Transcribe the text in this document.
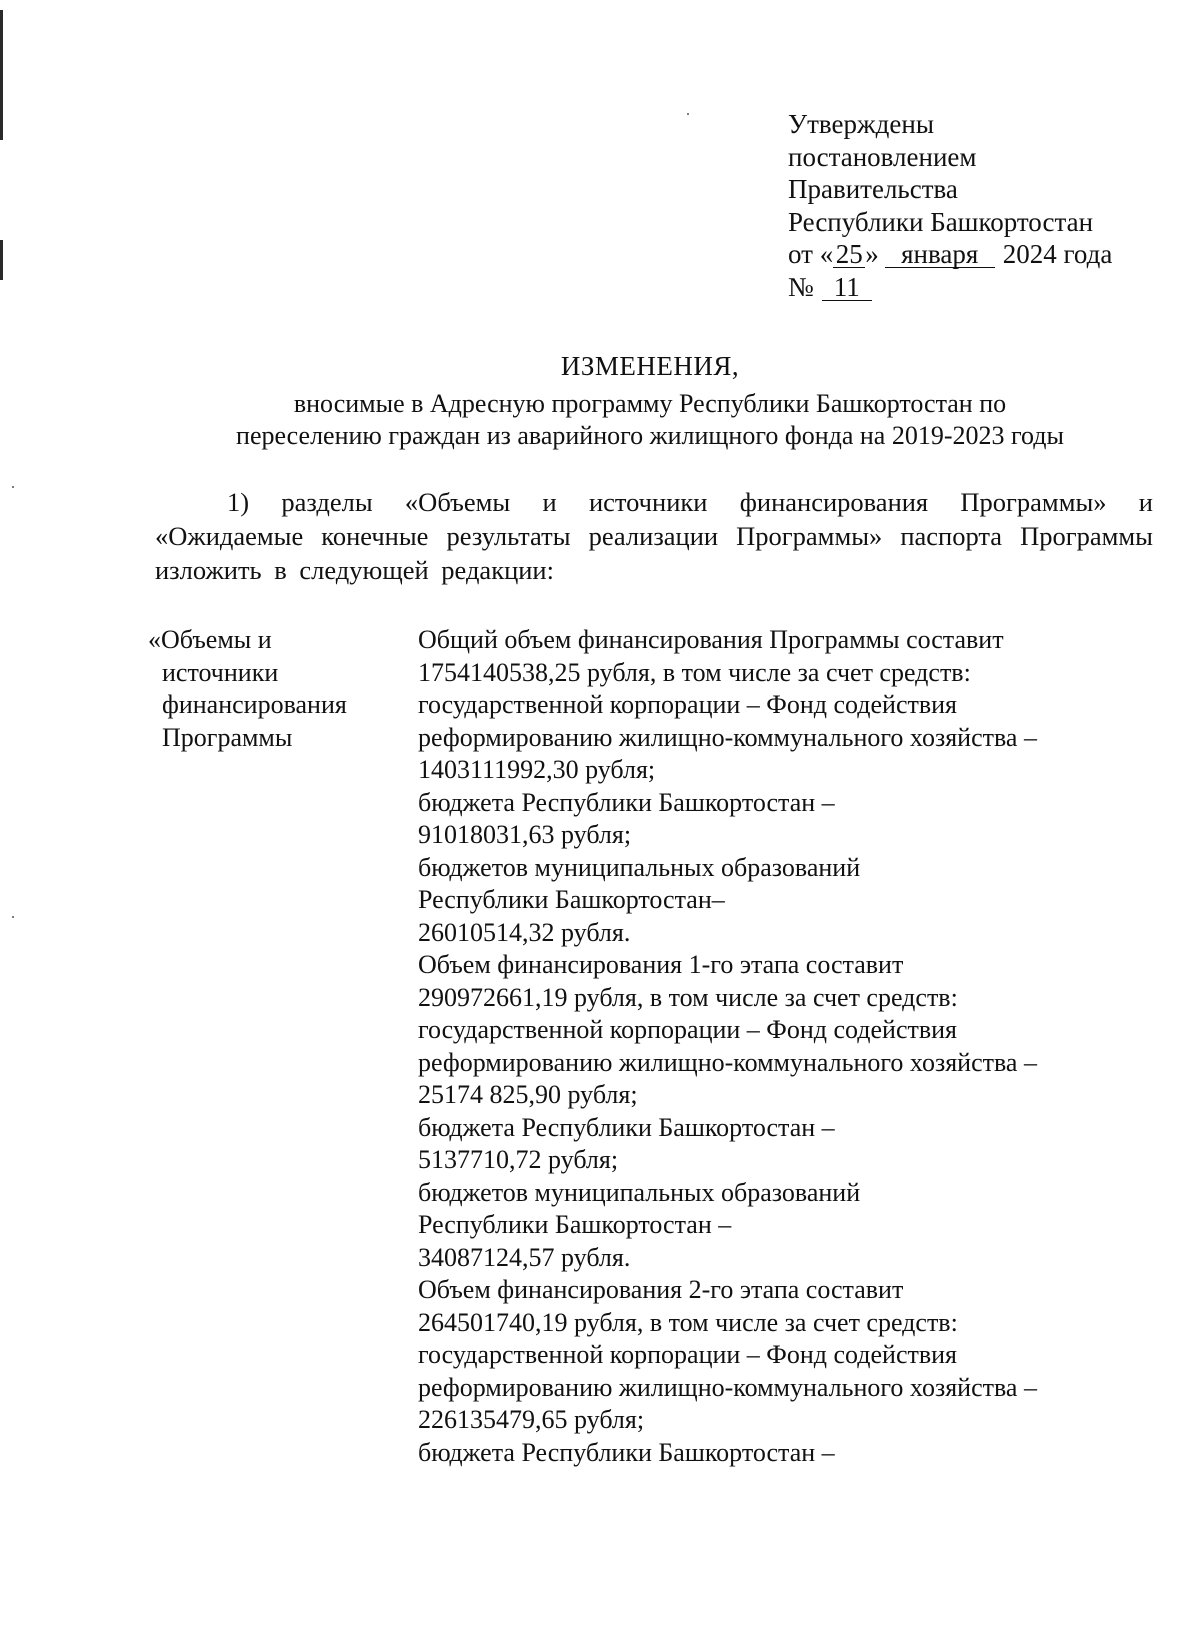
Утверждены
постановлением
Правительства
Республики Башкортостан
от «25» января 2024 года
№ 11
ИЗМЕНЕНИЯ,
вносимые в Адресную программу Республики Башкортостан по
переселению граждан из аварийного жилищного фонда на 2019-2023 годы
1) разделы «Объемы и источники финансирования Программы» и «Ожидаемые конечные результаты реализации Программы» паспорта Программы изложить в следующей редакции:
«Объемы и
источники
финансирования
Программы
Общий объем финансирования Программы составит
1754140538,25 рубля, в том числе за счет средств:
государственной корпорации – Фонд содействия
реформированию жилищно-коммунального хозяйства –
1403111992,30 рубля;
бюджета Республики Башкортостан –
91018031,63 рубля;
бюджетов муниципальных образований
Республики Башкортостан–
26010514,32 рубля.
Объем финансирования 1-го этапа составит
290972661,19 рубля, в том числе за счет средств:
государственной корпорации – Фонд содействия
реформированию жилищно-коммунального хозяйства –
25174 825,90 рубля;
бюджета Республики Башкортостан –
5137710,72 рубля;
бюджетов муниципальных образований
Республики Башкортостан –
34087124,57 рубля.
Объем финансирования 2-го этапа составит
264501740,19 рубля, в том числе за счет средств:
государственной корпорации – Фонд содействия
реформированию жилищно-коммунального хозяйства –
226135479,65 рубля;
бюджета Республики Башкортостан –
